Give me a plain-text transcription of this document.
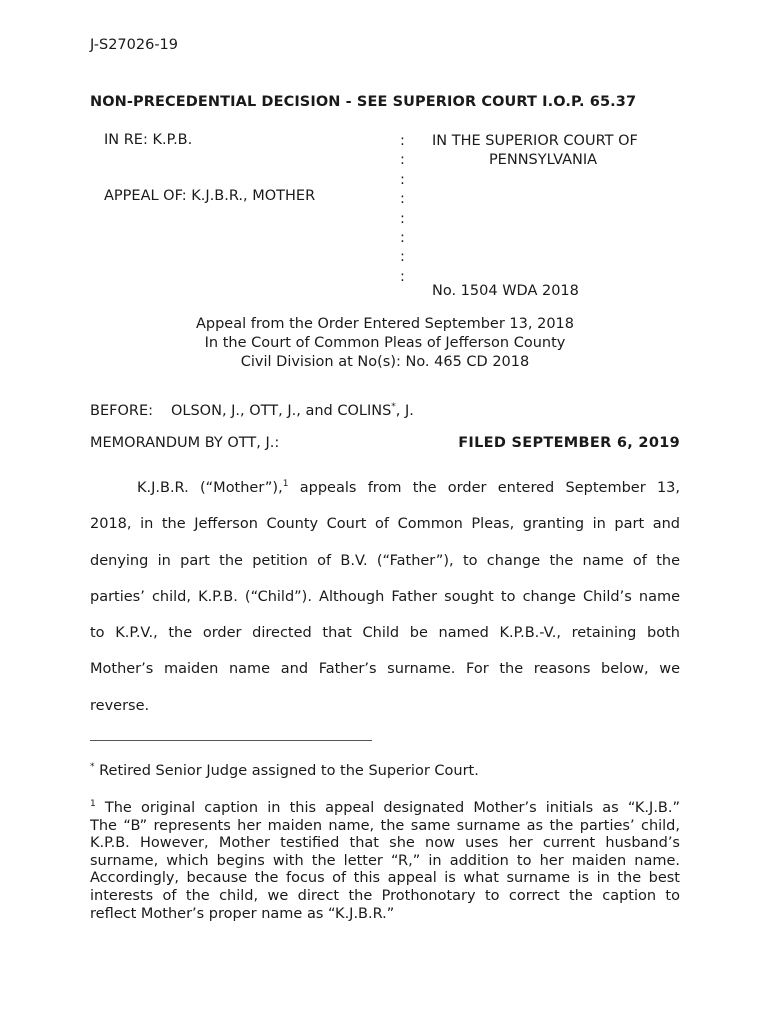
J-S27026-19
NON-PRECEDENTIAL DECISION - SEE SUPERIOR COURT I.O.P. 65.37
IN RE: K.P.B.
APPEAL OF: K.J.B.R., MOTHER
:
:
:
:
:
:
:
:
IN THE SUPERIOR COURT OF
PENNSYLVANIA
No. 1504 WDA 2018
Appeal from the Order Entered September 13, 2018
In the Court of Common Pleas of Jefferson County
Civil Division at No(s): No. 465 CD 2018
BEFORE: OLSON, J., OTT, J., and COLINS*, J.
MEMORANDUM BY OTT, J.:	FILED SEPTEMBER 6, 2019
K.J.B.R. (“Mother”),$^1$ appeals from the order entered September 13,
2018, in the Jefferson County Court of Common Pleas, granting in part and
denying in part the petition of B.V. (“Father”), to change the name of the
parties’ child, K.P.B. (“Child”). Although Father sought to change Child’s name
to K.P.V., the order directed that Child be named K.P.B.-V., retaining both
Mother’s maiden name and Father’s surname. For the reasons below, we
reverse.
* Retired Senior Judge assigned to the Superior Court.
$^1$ The original caption in this appeal designated Mother’s initials as “K.J.B.”
The “B” represents her maiden name, the same surname as the parties’ child,
K.P.B. However, Mother testified that she now uses her current husband’s
surname, which begins with the letter “R,” in addition to her maiden name.
Accordingly, because the focus of this appeal is what surname is in the best
interests of the child, we direct the Prothonotary to correct the caption to
reflect Mother’s proper name as “K.J.B.R.”
